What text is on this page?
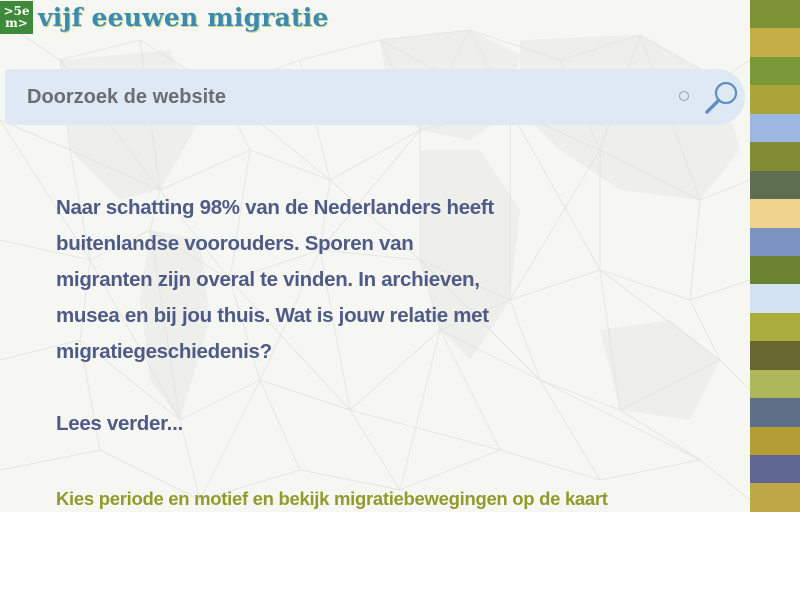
>5e
m> vijf eeuwen migratie
Doorzoek de website

Naar schatting 98% van de Nederlanders heeft buitenlandse voorouders. Sporen van migranten zijn overal te vinden. In archieven, musea en bij jou thuis. Wat is jouw relatie met migratiegeschiedenis?

Lees verder...
Kies periode en motief en bekijk migratiebewegingen op de kaart
